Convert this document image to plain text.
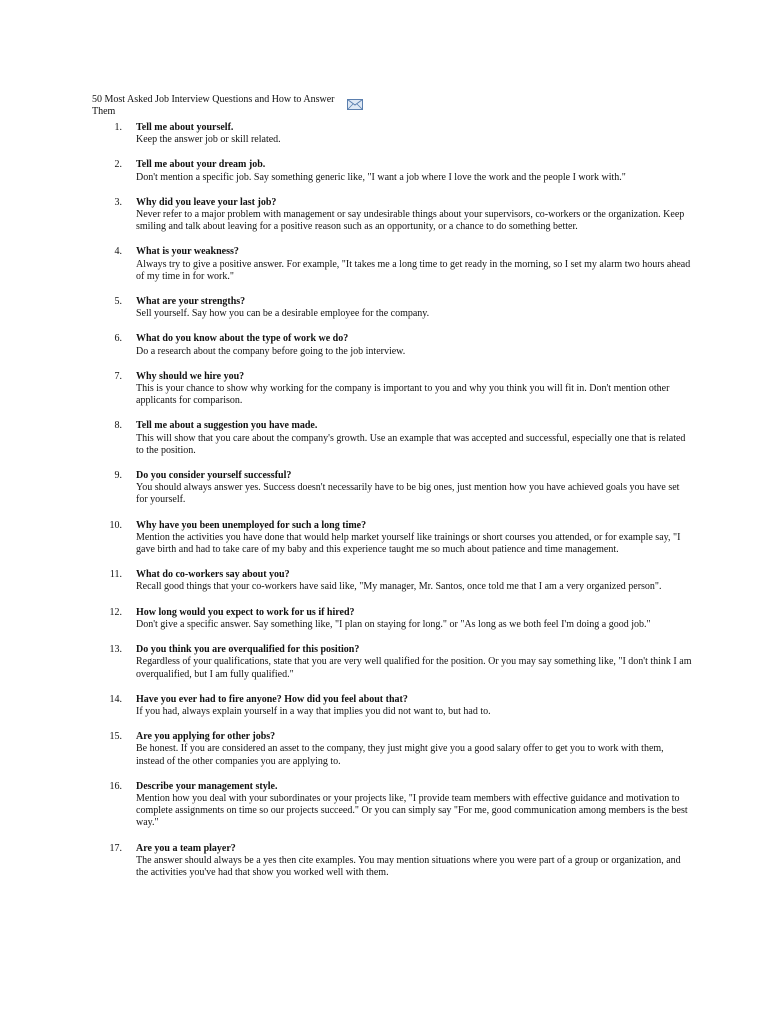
50 Most Asked Job Interview Questions and How to Answer Them
1. Tell me about yourself.
Keep the answer job or skill related.
2. Tell me about your dream job.
Don't mention a specific job. Say something generic like, "I want a job where I love the work and the people I work with."
3. Why did you leave your last job?
Never refer to a major problem with management or say undesirable things about your supervisors, co-workers or the organization. Keep smiling and talk about leaving for a positive reason such as an opportunity, or a chance to do something better.
4. What is your weakness?
Always try to give a positive answer. For example, "It takes me a long time to get ready in the morning, so I set my alarm two hours ahead of my time in for work."
5. What are your strengths?
Sell yourself. Say how you can be a desirable employee for the company.
6. What do you know about the type of work we do?
Do a research about the company before going to the job interview.
7. Why should we hire you?
This is your chance to show why working for the company is important to you and why you think you will fit in. Don't mention other applicants for comparison.
8. Tell me about a suggestion you have made.
This will show that you care about the company's growth. Use an example that was accepted and successful, especially one that is related to the position.
9. Do you consider yourself successful?
You should always answer yes. Success doesn't necessarily have to be big ones, just mention how you have achieved goals you have set for yourself.
10. Why have you been unemployed for such a long time?
Mention the activities you have done that would help market yourself like trainings or short courses you attended, or for example say, "I gave birth and had to take care of my baby and this experience taught me so much about patience and time management.
11. What do co-workers say about you?
Recall good things that your co-workers have said like, "My manager, Mr. Santos, once told me that I am a very organized person".
12. How long would you expect to work for us if hired?
Don't give a specific answer. Say something like, "I plan on staying for long." or "As long as we both feel I'm doing a good job."
13. Do you think you are overqualified for this position?
Regardless of your qualifications, state that you are very well qualified for the position. Or you may say something like, "I don't think I am overqualified, but I am fully qualified."
14. Have you ever had to fire anyone? How did you feel about that?
If you had, always explain yourself in a way that implies you did not want to, but had to.
15. Are you applying for other jobs?
Be honest. If you are considered an asset to the company, they just might give you a good salary offer to get you to work with them, instead of the other companies you are applying to.
16. Describe your management style.
Mention how you deal with your subordinates or your projects like, "I provide team members with effective guidance and motivation to complete assignments on time so our projects succeed." Or you can simply say "For me, good communication among members is the best way."
17. Are you a team player?
The answer should always be a yes then cite examples. You may mention situations where you were part of a group or organization, and the activities you've had that show you worked well with them.
